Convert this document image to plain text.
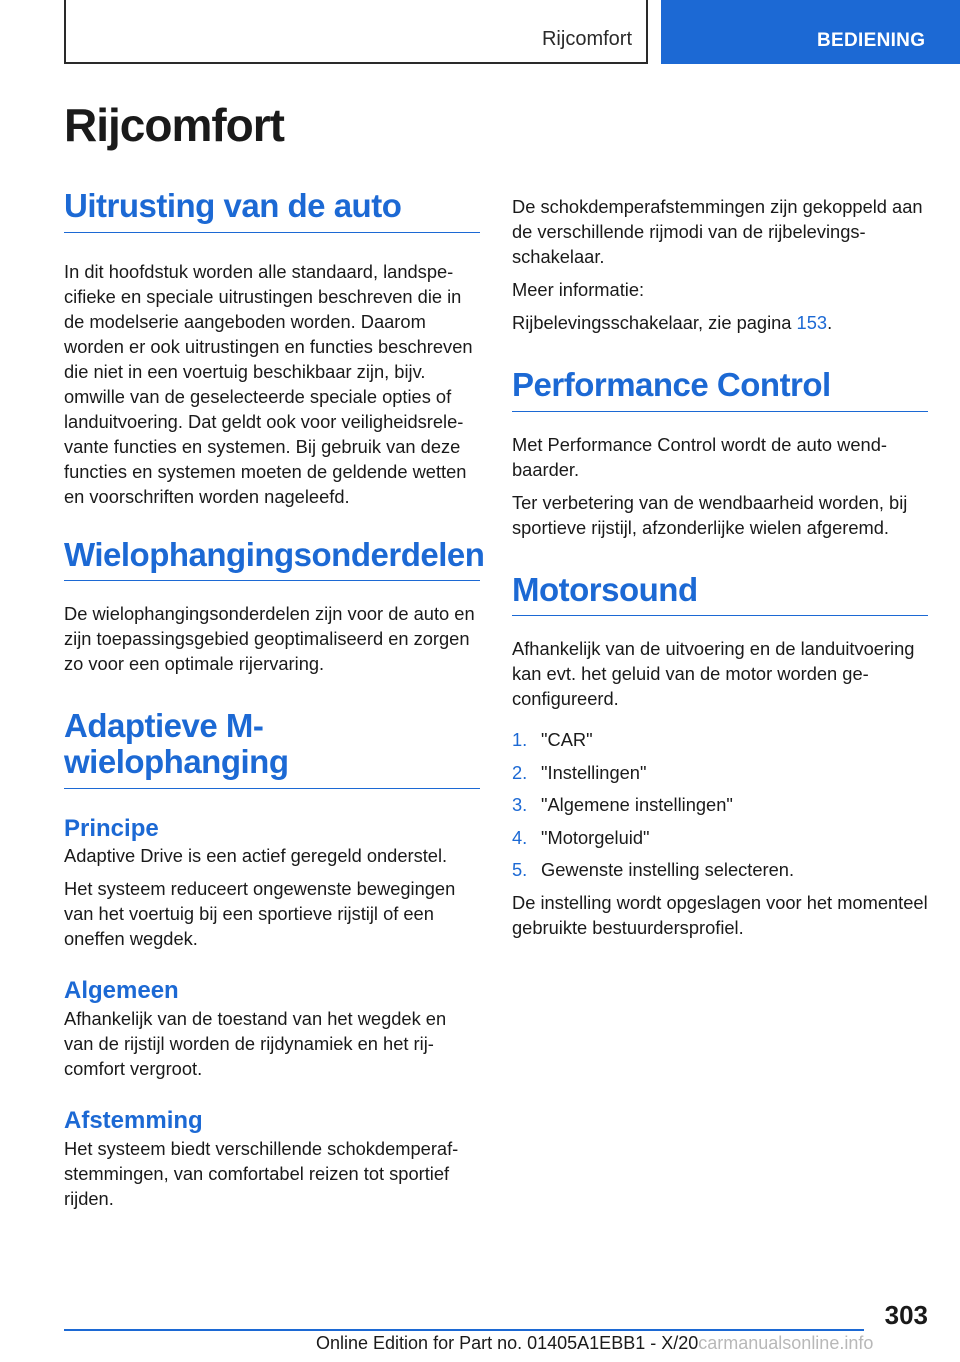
Rijcomfort	BEDIENING
Rijcomfort
Uitrusting van de auto

In dit hoofdstuk worden alle standaard, landspecifieke en speciale uitrustingen beschreven die in de modelserie aangeboden worden. Daarom worden er ook uitrustingen en functies beschreven die niet in een voertuig beschikbaar zijn, bijv. omwille van de geselecteerde speciale opties of landuitvoering. Dat geldt ook voor veiligheidsrelevante functies en systemen. Bij gebruik van deze functies en systemen moeten de geldende wetten en voorschriften worden nageleefd.

Wielophangingsonderdelen

De wielophangingsonderdelen zijn voor de auto en zijn toepassingsgebied geoptimaliseerd en zorgen zo voor een optimale rijervaring.

Adaptieve M-wielophanging
Principe

Adaptive Drive is een actief geregeld onderstel.

Het systeem reduceert ongewenste bewegingen van het voertuig bij een sportieve rijstijl of een oneffen wegdek.

Algemeen

Afhankelijk van de toestand van het wegdek en van de rijstijl worden de rijdynamiek en het rijcomfort vergroot.

Afstemming

Het systeem biedt verschillende schokdemperafstemmingen, van comfortabel reizen tot sportief rijden.

De schokdemperafstemmingen zijn gekoppeld aan de verschillende rijmodi van de rijbelevingsschakelaar.

Meer informatie:

Rijbelevingsschakelaar, zie pagina 153.

Performance Control

Met Performance Control wordt de auto wendbaarder.

Ter verbetering van de wendbaarheid worden, bij sportieve rijstijl, afzonderlijke wielen afgeremd.

Motorsound

Afhankelijk van de uitvoering en de landuitvoering kan evt. het geluid van de motor worden geconfigureerd.

1. "CAR"
2. "Instellingen"
3. "Algemene instellingen"
4. "Motorgeluid"
5. Gewenste instelling selecteren.

De instelling wordt opgeslagen voor het momenteel gebruikte bestuurdersprofiel.

303
Online Edition for Part no. 01405A1EBB1 - X/20carmanualsonline.info
